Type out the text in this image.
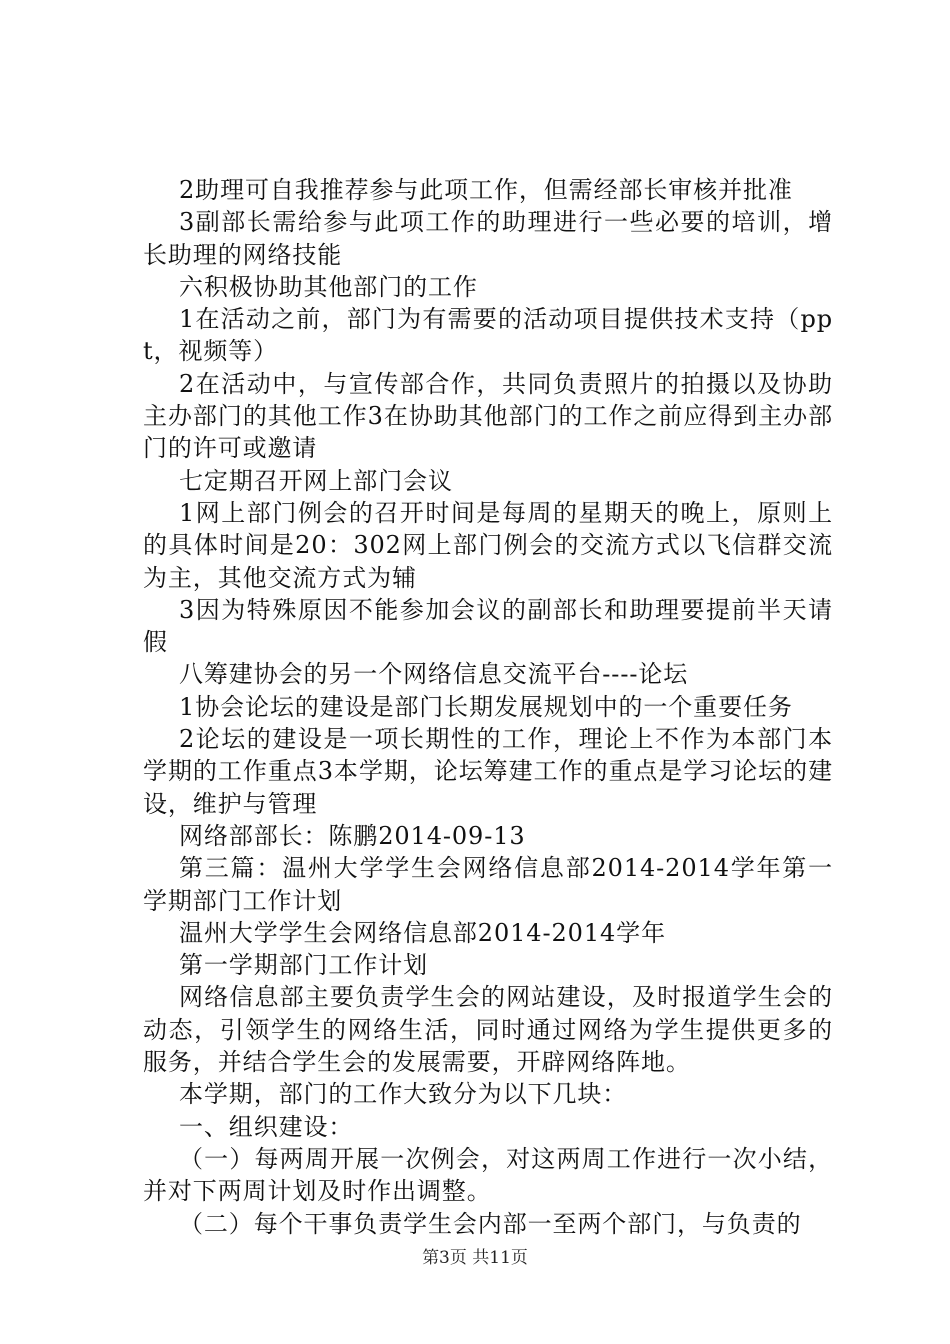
2助理可自我推荐参与此项工作，但需经部长审核并批准

3副部长需给参与此项工作的助理进行一些必要的培训，增长助理的网络技能

六积极协助其他部门的工作

1在活动之前，部门为有需要的活动项目提供技术支持（ppt，视频等）

2在活动中，与宣传部合作，共同负责照片的拍摄以及协助主办部门的其他工作3在协助其他部门的工作之前应得到主办部门的许可或邀请

七定期召开网上部门会议

1网上部门例会的召开时间是每周的星期天的晚上，原则上的具体时间是20：302网上部门例会的交流方式以飞信群交流为主，其他交流方式为辅

3因为特殊原因不能参加会议的副部长和助理要提前半天请假

八筹建协会的另一个网络信息交流平台----论坛

1协会论坛的建设是部门长期发展规划中的一个重要任务

2论坛的建设是一项长期性的工作，理论上不作为本部门本学期的工作重点3本学期，论坛筹建工作的重点是学习论坛的建设，维护与管理

网络部部长：陈鹏2014-09-13

第三篇：温州大学学生会网络信息部2014-2014学年第一学期部门工作计划

温州大学学生会网络信息部2014-2014学年

第一学期部门工作计划

网络信息部主要负责学生会的网站建设，及时报道学生会的动态，引领学生的网络生活，同时通过网络为学生提供更多的服务，并结合学生会的发展需要，开辟网络阵地。

本学期，部门的工作大致分为以下几块：

一、组织建设：

（一）每两周开展一次例会，对这两周工作进行一次小结，并对下两周计划及时作出调整。

（二）每个干事负责学生会内部一至两个部门，与负责的

第3页 共11页
